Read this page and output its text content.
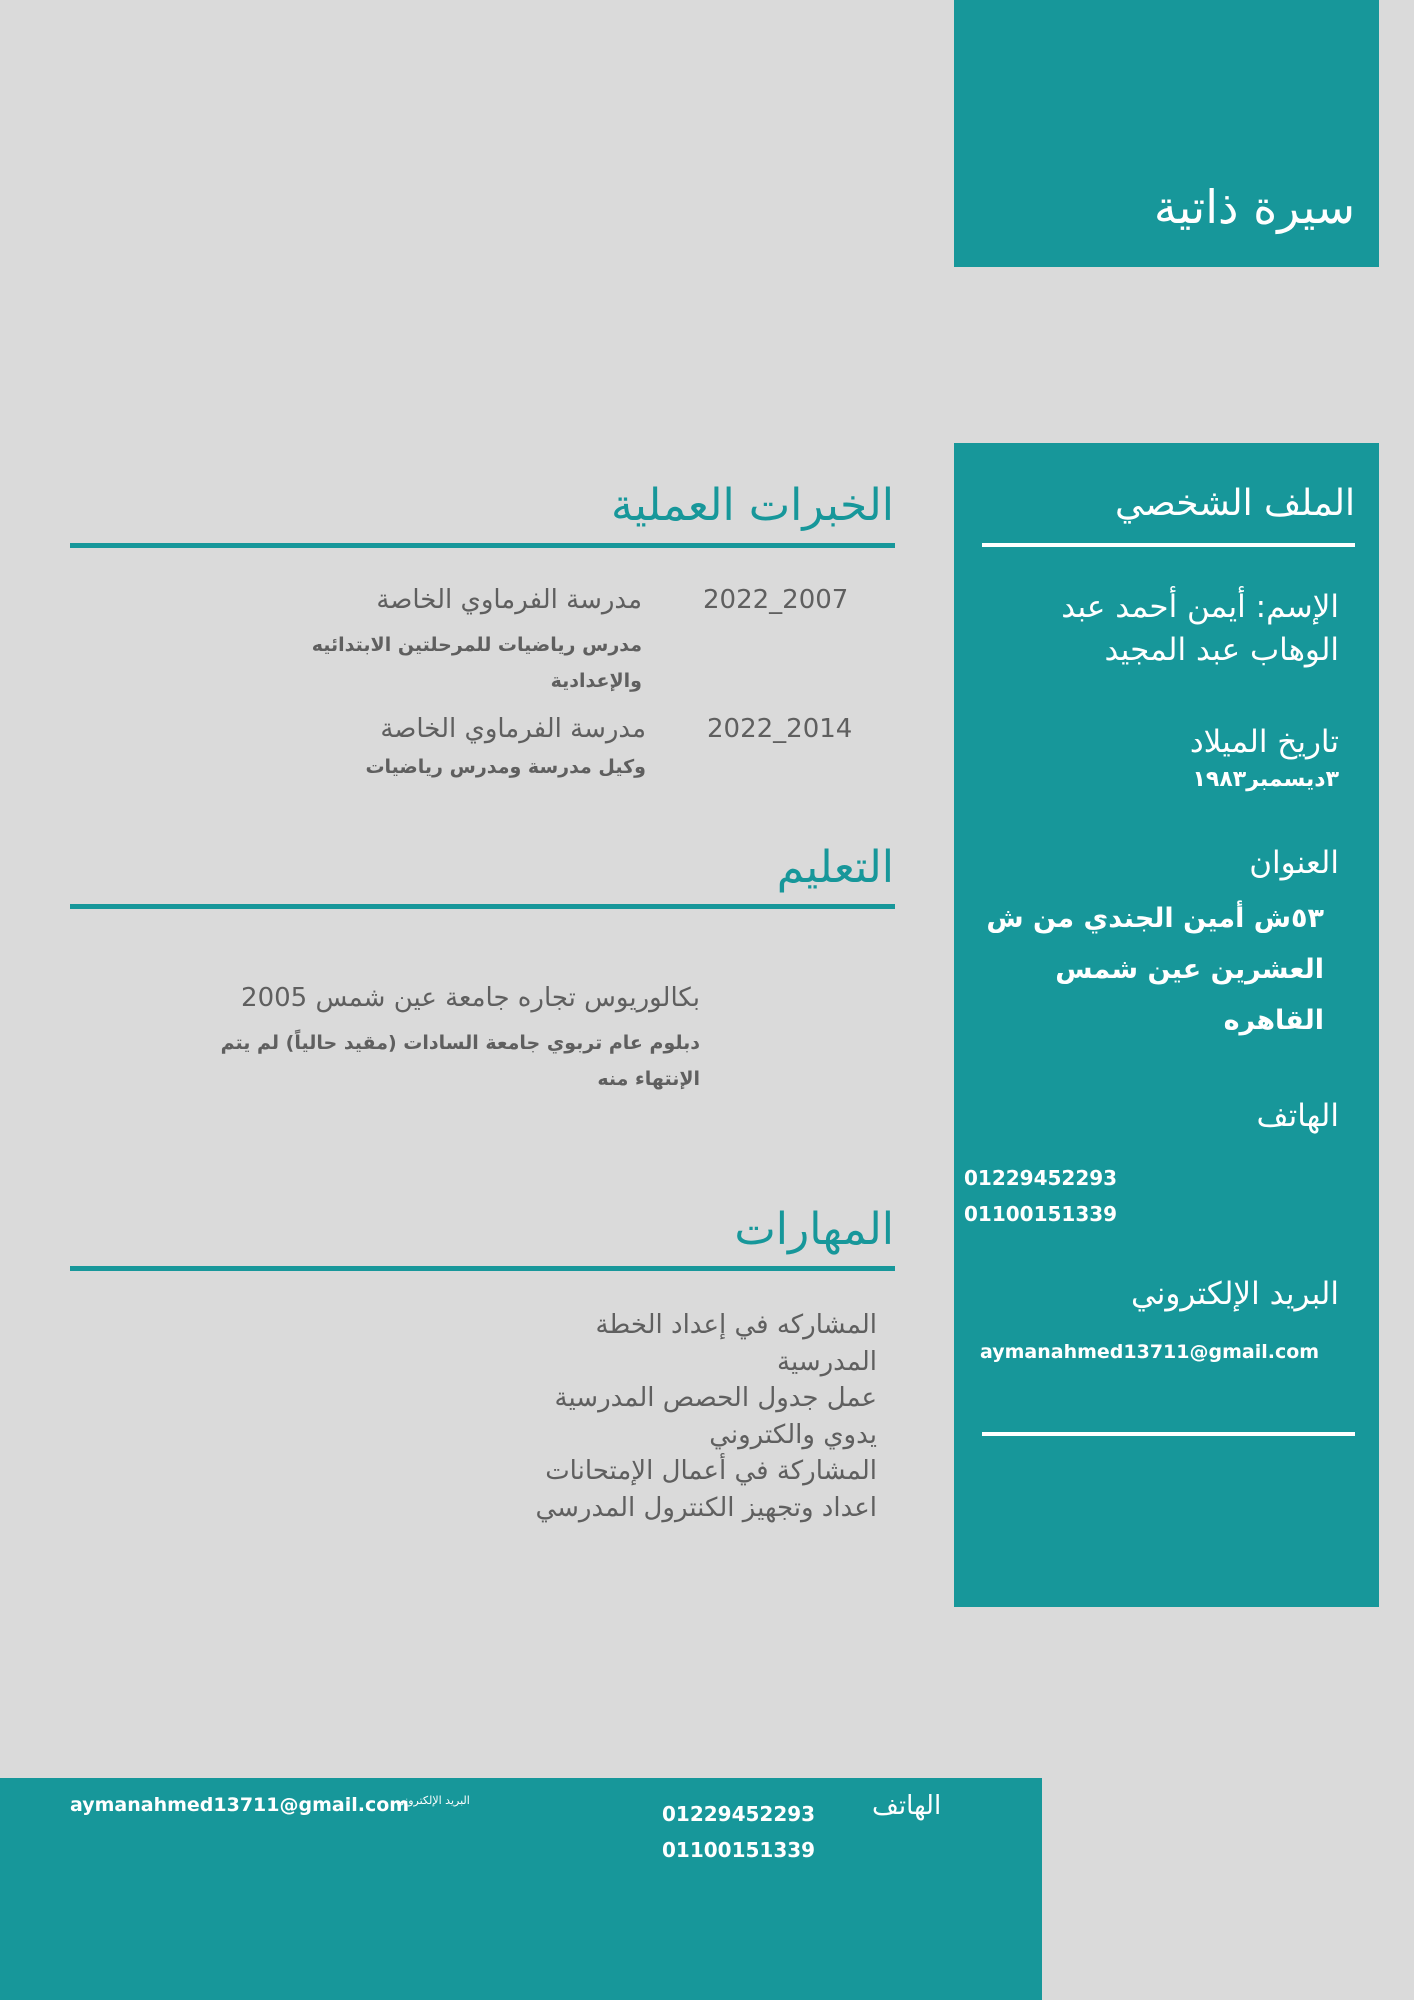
سيرة ذاتية
الملف الشخصي
الإسم: أيمن أحمد عبد
الوهاب عبد المجيد
تاريخ الميلاد
٣ديسمبر١٩٨٣
العنوان
٥٣ش أمين الجندي من ش
العشرين عين شمس
القاهره
الهاتف
01229452293
01100151339
البريد الإلكتروني
aymanahmed13711@gmail.com
الخبرات العملية
2022_2007
مدرسة الفرماوي الخاصة
مدرس رياضيات للمرحلتين الابتدائيه
والإعدادية
2022_2014
مدرسة الفرماوي الخاصة
وكيل مدرسة ومدرس رياضيات
التعليم
بكالوريوس تجاره جامعة عين شمس 2005
دبلوم عام تربوي جامعة السادات (مقيد حالياً) لم يتم
الإنتهاء منه
المهارات
المشاركه في إعداد الخطة
المدرسية
عمل جدول الحصص المدرسية
يدوي والكتروني
المشاركة في أعمال الإمتحانات
اعداد وتجهيز الكنترول المدرسي
aymanahmed13711@gmail.com
البريد الإلكتروني
01229452293
01100151339
الهاتف
